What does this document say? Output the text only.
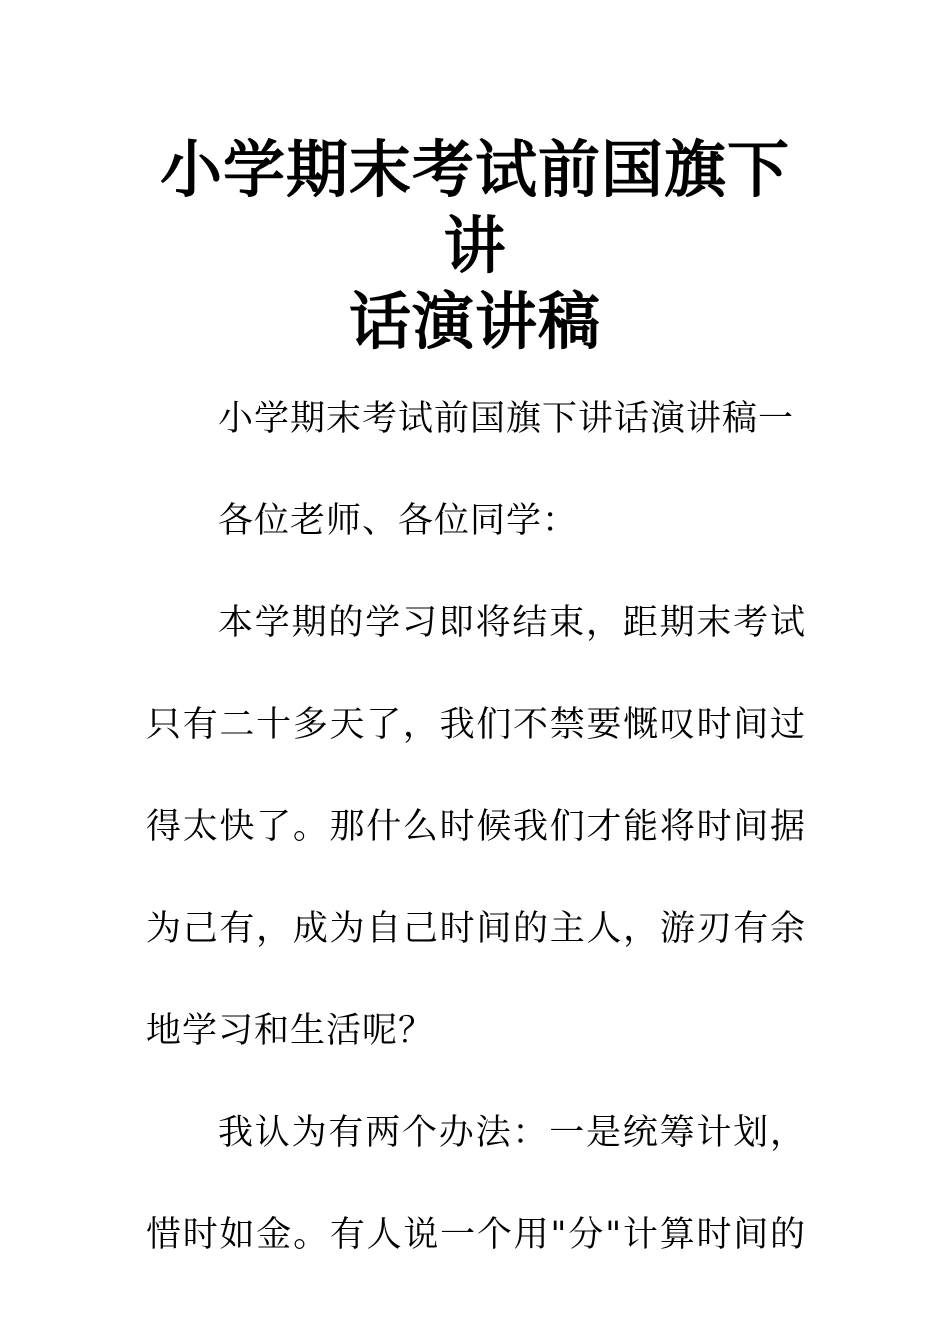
小学期末考试前国旗下讲
话演讲稿

小学期末考试前国旗下讲话演讲稿一

各位老师、各位同学：

本学期的学习即将结束，距期末考试
只有二十多天了，我们不禁要慨叹时间过
得太快了。那什么时候我们才能将时间据
为己有，成为自己时间的主人，游刃有余
地学习和生活呢？

我认为有两个办法：一是统筹计划，
惜时如金。有人说一个用"分"计算时间的
